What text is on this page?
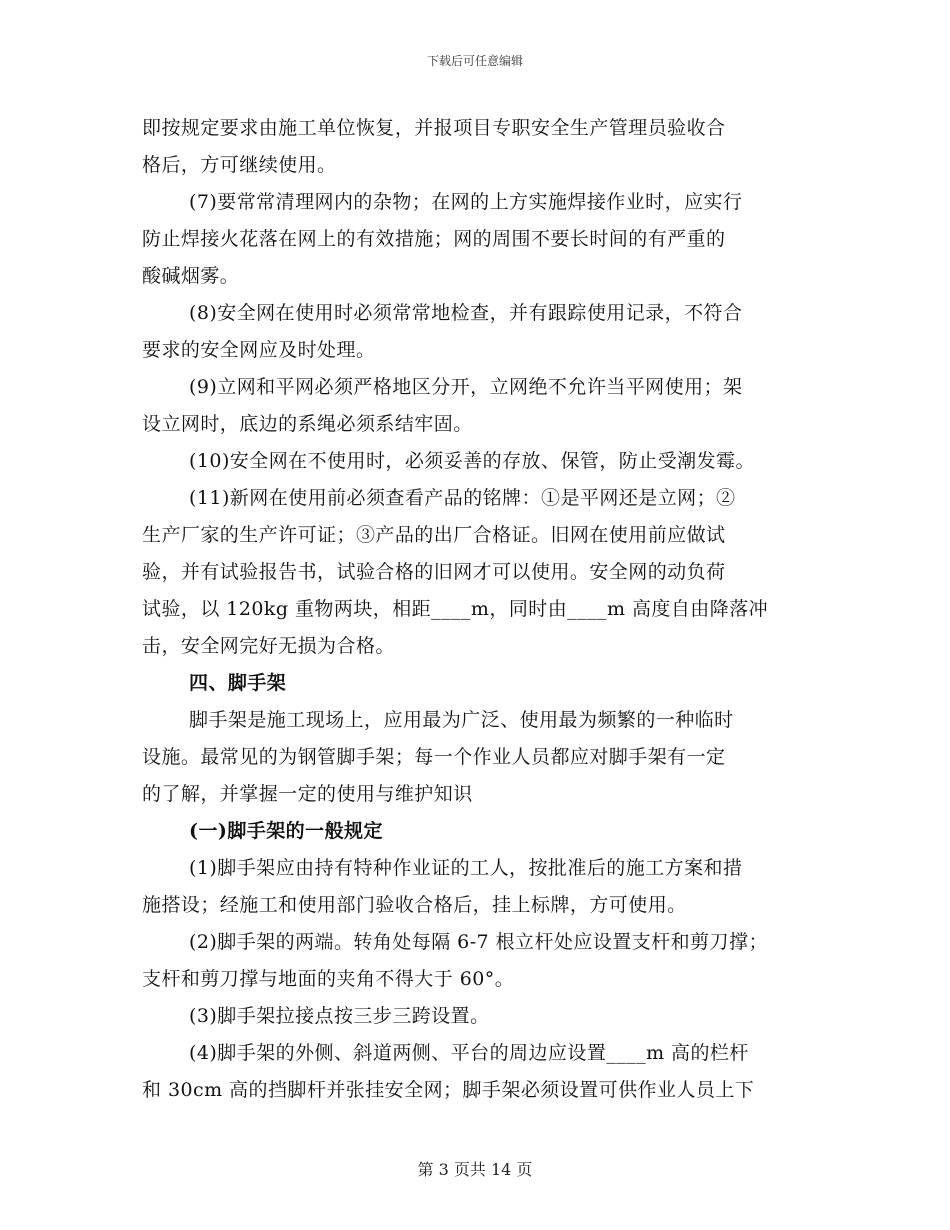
下载后可任意编辑
即按规定要求由施工单位恢复，并报项目专职安全生产管理员验收合
格后，方可继续使用。
(7)要常常清理网内的杂物；在网的上方实施焊接作业时，应实行
防止焊接火花落在网上的有效措施；网的周围不要长时间的有严重的
酸碱烟雾。
(8)安全网在使用时必须常常地检查，并有跟踪使用记录，不符合
要求的安全网应及时处理。
(9)立网和平网必须严格地区分开，立网绝不允许当平网使用；架
设立网时，底边的系绳必须系结牢固。
(10)安全网在不使用时，必须妥善的存放、保管，防止受潮发霉。
(11)新网在使用前必须查看产品的铭牌：①是平网还是立网；②
生产厂家的生产许可证；③产品的出厂合格证。旧网在使用前应做试
验，并有试验报告书，试验合格的旧网才可以使用。安全网的动负荷
试验，以 120kg 重物两块，相距____m，同时由____m 高度自由降落冲
击，安全网完好无损为合格。
四、脚手架
脚手架是施工现场上，应用最为广泛、使用最为频繁的一种临时
设施。最常见的为钢管脚手架；每一个作业人员都应对脚手架有一定
的了解，并掌握一定的使用与维护知识
(一)脚手架的一般规定
(1)脚手架应由持有特种作业证的工人，按批准后的施工方案和措
施搭设；经施工和使用部门验收合格后，挂上标牌，方可使用。
(2)脚手架的两端。转角处每隔 6-7 根立杆处应设置支杆和剪刀撑；
支杆和剪刀撑与地面的夹角不得大于 60°。
(3)脚手架拉接点按三步三跨设置。
(4)脚手架的外侧、斜道两侧、平台的周边应设置____m 高的栏杆
和 30cm 高的挡脚杆并张挂安全网；脚手架必须设置可供作业人员上下
第 3 页共 14 页
